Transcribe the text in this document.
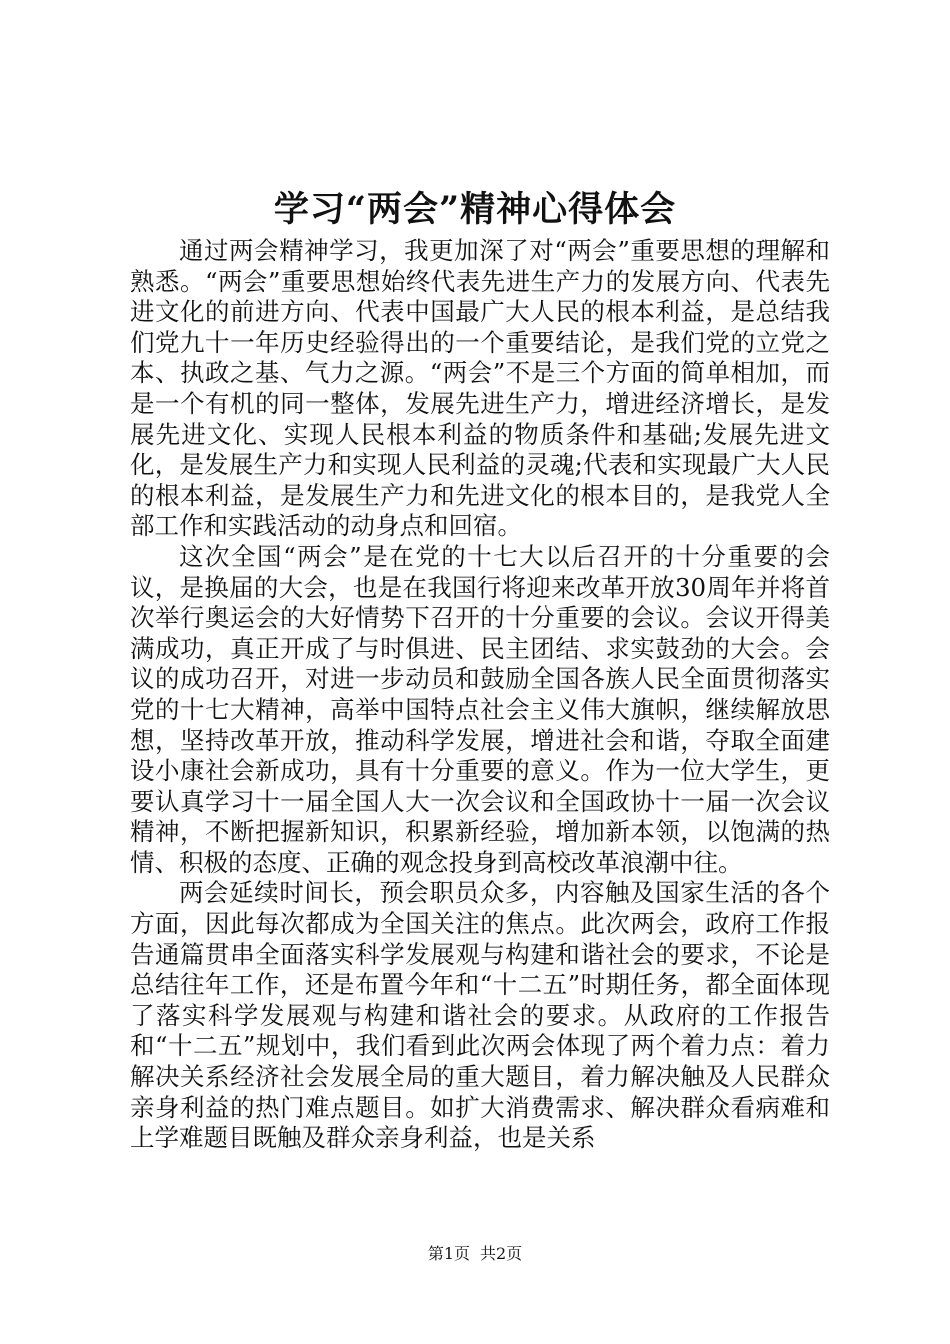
学习“两会”精神心得体会

通过两会精神学习，我更加深了对“两会”重要思想的理解和熟悉。“两会”重要思想始终代表先进生产力的发展方向、代表先进文化的前进方向、代表中国最广大人民的根本利益，是总结我们党九十一年历史经验得出的一个重要结论，是我们党的立党之本、执政之基、气力之源。“两会”不是三个方面的简单相加，而是一个有机的同一整体，发展先进生产力，增进经济增长，是发展先进文化、实现人民根本利益的物质条件和基础;发展先进文化，是发展生产力和实现人民利益的灵魂;代表和实现最广大人民的根本利益，是发展生产力和先进文化的根本目的，是我党人全部工作和实践活动的动身点和回宿。

这次全国“两会”是在党的十七大以后召开的十分重要的会议，是换届的大会，也是在我国行将迎来改革开放30周年并将首次举行奥运会的大好情势下召开的十分重要的会议。会议开得美满成功，真正开成了与时俱进、民主团结、求实鼓劲的大会。会议的成功召开，对进一步动员和鼓励全国各族人民全面贯彻落实党的十七大精神，高举中国特点社会主义伟大旗帜，继续解放思想，坚持改革开放，推动科学发展，增进社会和谐，夺取全面建设小康社会新成功，具有十分重要的意义。作为一位大学生，更要认真学习十一届全国人大一次会议和全国政协十一届一次会议精神，不断把握新知识，积累新经验，增加新本领，以饱满的热情、积极的态度、正确的观念投身到高校改革浪潮中往。

两会延续时间长，预会职员众多，内容触及国家生活的各个方面，因此每次都成为全国关注的焦点。此次两会，政府工作报告通篇贯串全面落实科学发展观与构建和谐社会的要求，不论是总结往年工作，还是布置今年和“十二五”时期任务，都全面体现了落实科学发展观与构建和谐社会的要求。从政府的工作报告和“十二五”规划中，我们看到此次两会体现了两个着力点：着力解决关系经济社会发展全局的重大题目，着力解决触及人民群众亲身利益的热门难点题目。如扩大消费需求、解决群众看病难和上学难题目既触及群众亲身利益，也是关系

第1页 共2页
